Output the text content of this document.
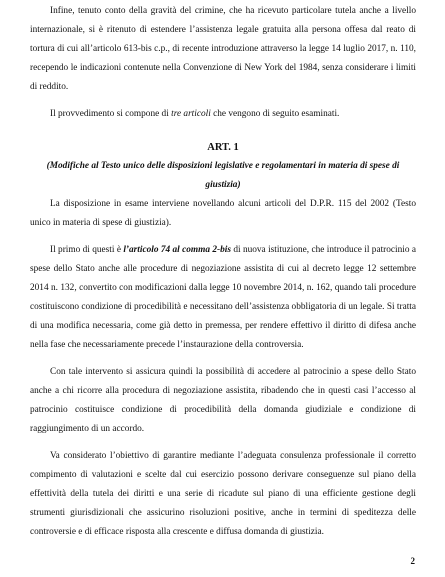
Infine, tenuto conto della gravità del crimine, che ha ricevuto particolare tutela anche a livello internazionale, si è ritenuto di estendere l’assistenza legale gratuita alla persona offesa dal reato di tortura di cui all’articolo 613-bis c.p., di recente introduzione attraverso la legge 14 luglio 2017, n. 110, recependo le indicazioni contenute nella Convenzione di New York del 1984, senza considerare i limiti di reddito.

Il provvedimento si compone di tre articoli che vengono di seguito esaminati.

ART. 1
(Modifiche al Testo unico delle disposizioni legislative e regolamentari in materia di spese di giustizia)

La disposizione in esame interviene novellando alcuni articoli del D.P.R. 115 del 2002 (Testo unico in materia di spese di giustizia).

Il primo di questi è l’articolo 74 al comma 2-bis di nuova istituzione, che introduce il patrocinio a spese dello Stato anche alle procedure di negoziazione assistita di cui al decreto legge 12 settembre 2014 n. 132, convertito con modificazioni dalla legge 10 novembre 2014, n. 162, quando tali procedure costituiscono condizione di procedibilità e necessitano dell’assistenza obbligatoria di un legale. Si tratta di una modifica necessaria, come già detto in premessa, per rendere effettivo il diritto di difesa anche nella fase che necessariamente precede l’instaurazione della controversia.

Con tale intervento si assicura quindi la possibilità di accedere al patrocinio a spese dello Stato anche a chi ricorre alla procedura di negoziazione assistita, ribadendo che in questi casi l’accesso al patrocinio costituisce condizione di procedibilità della domanda giudiziale e condizione di raggiungimento di un accordo.

Va considerato l’obiettivo di garantire mediante l’adeguata consulenza professionale il corretto compimento di valutazioni e scelte dal cui esercizio possono derivare conseguenze sul piano della effettività della tutela dei diritti e una serie di ricadute sul piano di una efficiente gestione degli strumenti giurisdizionali che assicurino risoluzioni positive, anche in termini di speditezza delle controversie e di efficace risposta alla crescente e diffusa domanda di giustizia.

2
